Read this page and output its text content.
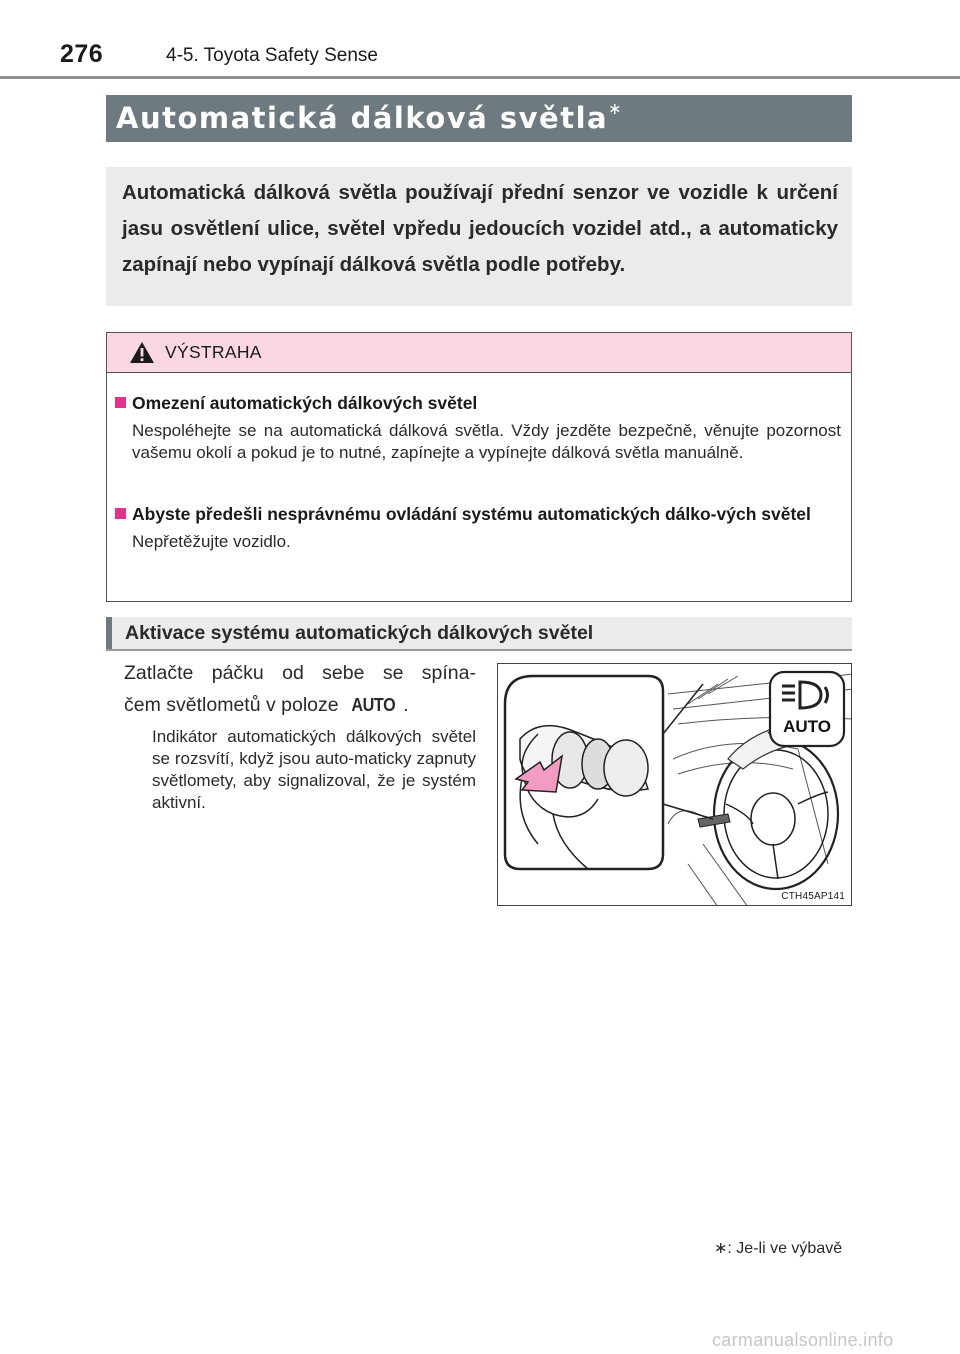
276	4-5. Toyota Safety Sense
Automatická dálková světla∗

Automatická dálková světla používají přední senzor ve vozidle k určení jasu osvětlení ulice, světel vpředu jedoucích vozidel atd., a automaticky zapínají nebo vypínají dálková světla podle potřeby.

VÝSTRAHA
Omezení automatických dálkových světel
Nespoléhejte se na automatická dálková světla. Vždy jezděte bezpečně, věnujte pozornost vašemu okolí a pokud je to nutné, zapínejte a vypínejte dálková světla manuálně.
Abyste předešli nesprávnému ovládání systému automatických dálko-vých světel
Nepřetěžujte vozidlo.
Aktivace systému automatických dálkových světel
Zatlačte páčku od sebe se spína-
čem světlometů v poloze AUTO .
Indikátor automatických dálkových světel se rozsvítí, když jsou auto-maticky zapnuty světlomety, aby signalizoval, že je systém aktivní.
AUTO
CTH45AP141
∗: Je-li ve výbavě
carmanualsonline.info
